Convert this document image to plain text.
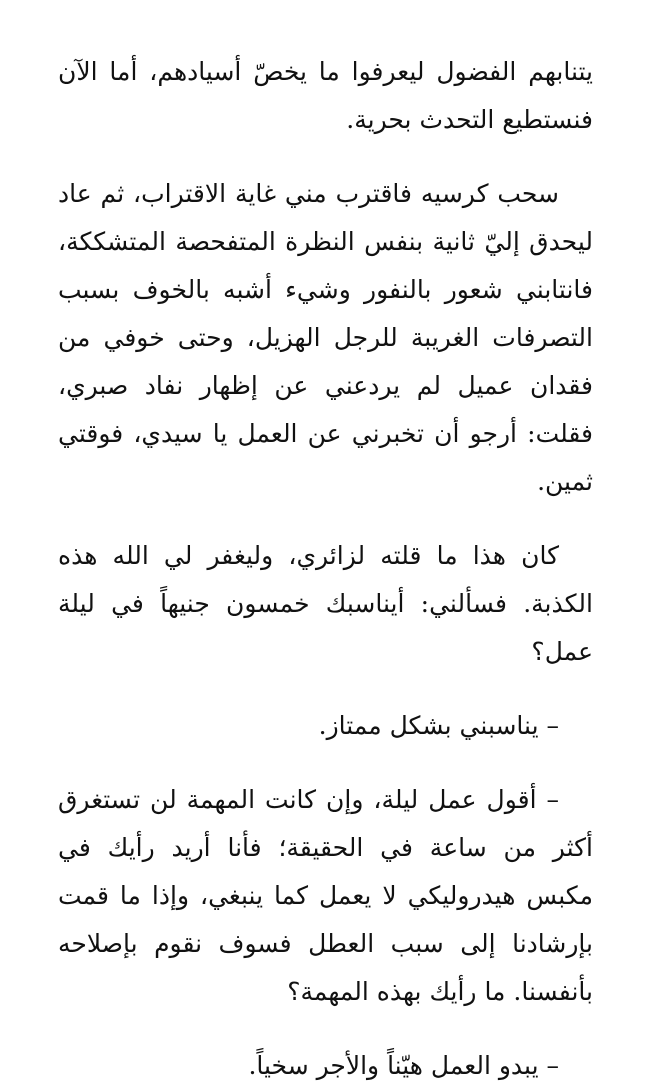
يتنابهم الفضول ليعرفوا ما يخصّ أسيادهم، أما الآن فنستطيع التحدث بحرية.

سحب كرسيه فاقترب مني غاية الاقتراب، ثم عاد ليحدق إليّ ثانية بنفس النظرة المتفحصة المتشككة، فانتابني شعور بالنفور وشيء أشبه بالخوف بسبب التصرفات الغريبة للرجل الهزيل، وحتى خوفي من فقدان عميل لم يردعني عن إظهار نفاد صبري، فقلت: أرجو أن تخبرني عن العمل يا سيدي، فوقتي ثمين.

كان هذا ما قلته لزائري، وليغفر لي الله هذه الكذبة. فسألني: أيناسبك خمسون جنيهاً في ليلة عمل؟

– يناسبني بشكل ممتاز.

– أقول عمل ليلة، وإن كانت المهمة لن تستغرق أكثر من ساعة في الحقيقة؛ فأنا أريد رأيك في مكبس هيدروليكي لا يعمل كما ينبغي، وإذا ما قمت بإرشادنا إلى سبب العطل فسوف نقوم بإصلاحه بأنفسنا. ما رأيك بهذه المهمة؟

– يبدو العمل هيّناً والأجر سخياً.
